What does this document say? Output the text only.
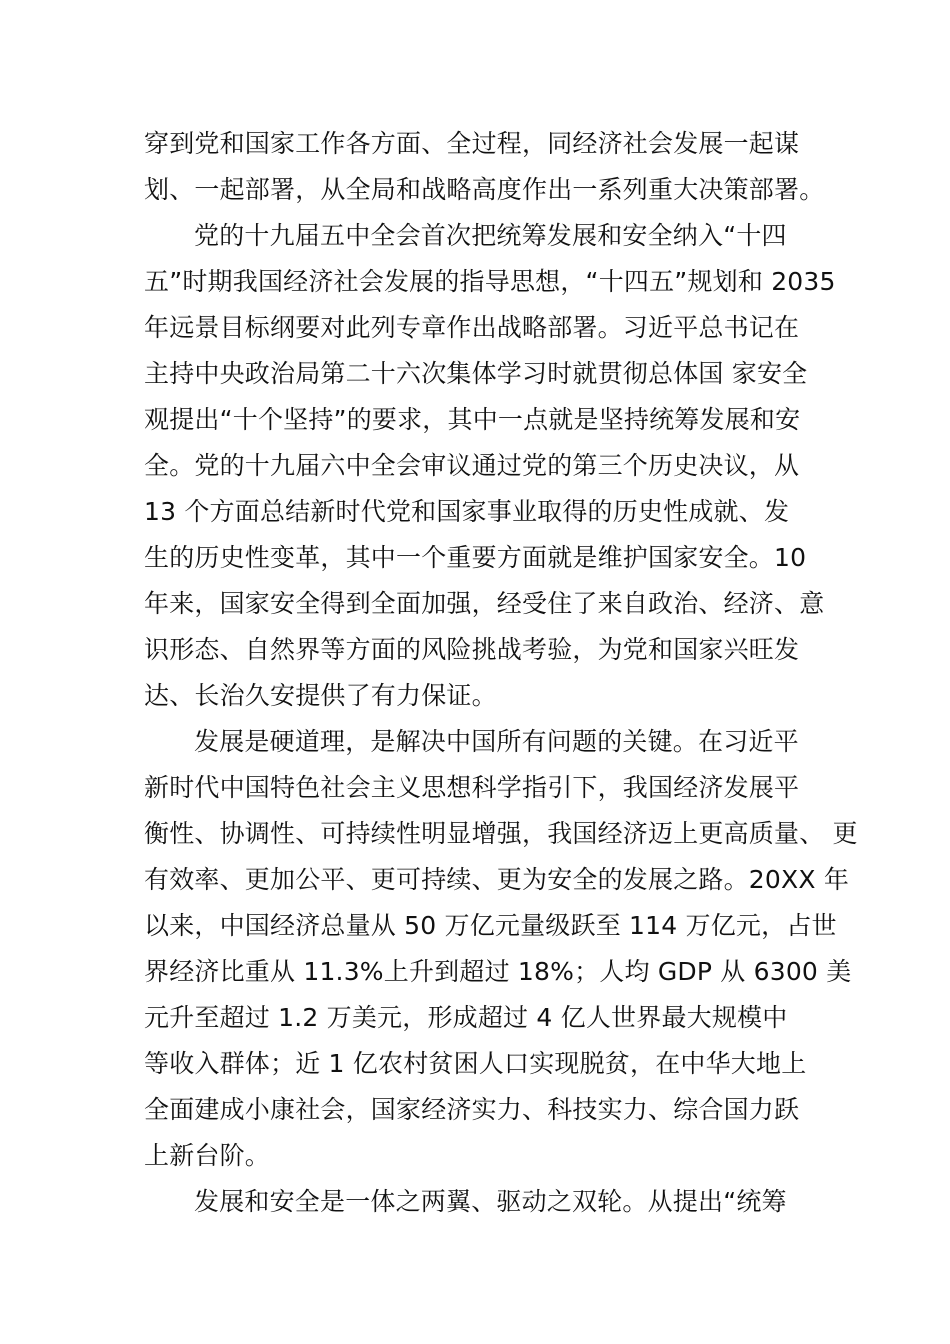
穿到党和国家工作各方面、全过程，同经济社会发展一起谋

划、一起部署，从全局和战略高度作出一系列重大决策部署。

党的十九届五中全会首次把统筹发展和安全纳入“十四

五”时期我国经济社会发展的指导思想，“十四五”规划和 2035

年远景目标纲要对此列专章作出战略部署。习近平总书记在

主持中央政治局第二十六次集体学习时就贯彻总体国 家安全

观提出“十个坚持”的要求，其中一点就是坚持统筹发展和安

全。党的十九届六中全会审议通过党的第三个历史决议，从

13 个方面总结新时代党和国家事业取得的历史性成就、发

生的历史性变革，其中一个重要方面就是维护国家安全。10

年来，国家安全得到全面加强，经受住了来自政治、经济、意

识形态、自然界等方面的风险挑战考验，为党和国家兴旺发

达、长治久安提供了有力保证。

发展是硬道理，是解决中国所有问题的关键。在习近平

新时代中国特色社会主义思想科学指引下，我国经济发展平

衡性、协调性、可持续性明显增强，我国经济迈上更高质量、 更

有效率、更加公平、更可持续、更为安全的发展之路。20XX 年

以来，中国经济总量从 50 万亿元量级跃至 114 万亿元，占世

界经济比重从 11.3%上升到超过 18%；人均 GDP 从 6300 美

元升至超过 1.2 万美元，形成超过 4 亿人世界最大规模中

等收入群体；近 1 亿农村贫困人口实现脱贫，在中华大地上

全面建成小康社会，国家经济实力、科技实力、综合国力跃

上新台阶。

发展和安全是一体之两翼、驱动之双轮。从提出“统筹
